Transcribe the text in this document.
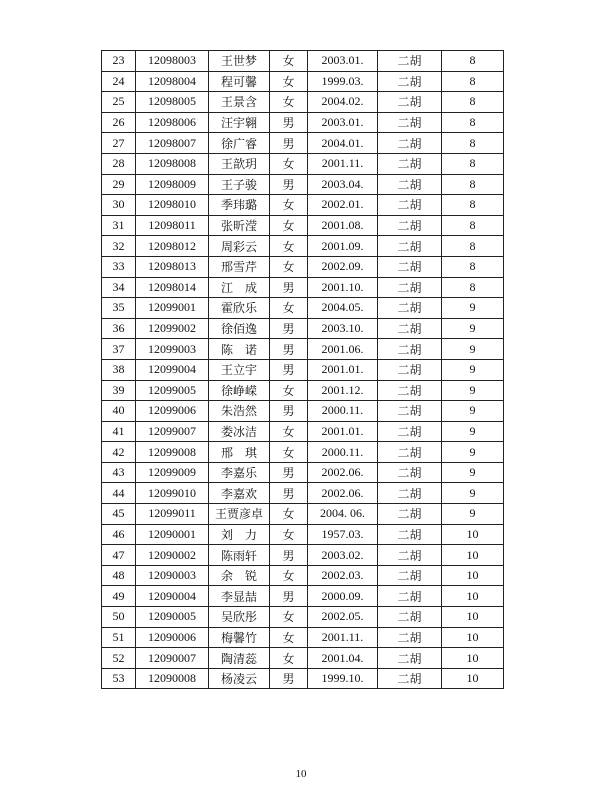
23	12098003	王世梦	女	2003.01.	二胡	8
24	12098004	程可馨	女	1999.03.	二胡	8
25	12098005	王景含	女	2004.02.	二胡	8
26	12098006	汪宇翱	男	2003.01.	二胡	8
27	12098007	徐广睿	男	2004.01.	二胡	8
28	12098008	王歆玥	女	2001.11.	二胡	8
29	12098009	王子骏	男	2003.04.	二胡	8
30	12098010	季玮璐	女	2002.01.	二胡	8
31	12098011	张昕滢	女	2001.08.	二胡	8
32	12098012	周彩云	女	2001.09.	二胡	8
33	12098013	邢雪芹	女	2002.09.	二胡	8
34	12098014	江　成	男	2001.10.	二胡	8
35	12099001	霍欣乐	女	2004.05.	二胡	9
36	12099002	徐佰逸	男	2003.10.	二胡	9
37	12099003	陈　诺	男	2001.06.	二胡	9
38	12099004	王立宇	男	2001.01.	二胡	9
39	12099005	徐峥嵘	女	2001.12.	二胡	9
40	12099006	朱浩然	男	2000.11.	二胡	9
41	12099007	娄冰洁	女	2001.01.	二胡	9
42	12099008	邢　琪	女	2000.11.	二胡	9
43	12099009	李嘉乐	男	2002.06.	二胡	9
44	12099010	李嘉欢	男	2002.06.	二胡	9
45	12099011	王贾彦卓	女	2004. 06.	二胡	9
46	12090001	刘　力	女	1957.03.	二胡	10
47	12090002	陈雨轩	男	2003.02.	二胡	10
48	12090003	余　锐	女	2002.03.	二胡	10
49	12090004	李显喆	男	2000.09.	二胡	10
50	12090005	吴欣彤	女	2002.05.	二胡	10
51	12090006	梅馨竹	女	2001.11.	二胡	10
52	12090007	陶清蕊	女	2001.04.	二胡	10
53	12090008	杨凌云	男	1999.10.	二胡	10
10
